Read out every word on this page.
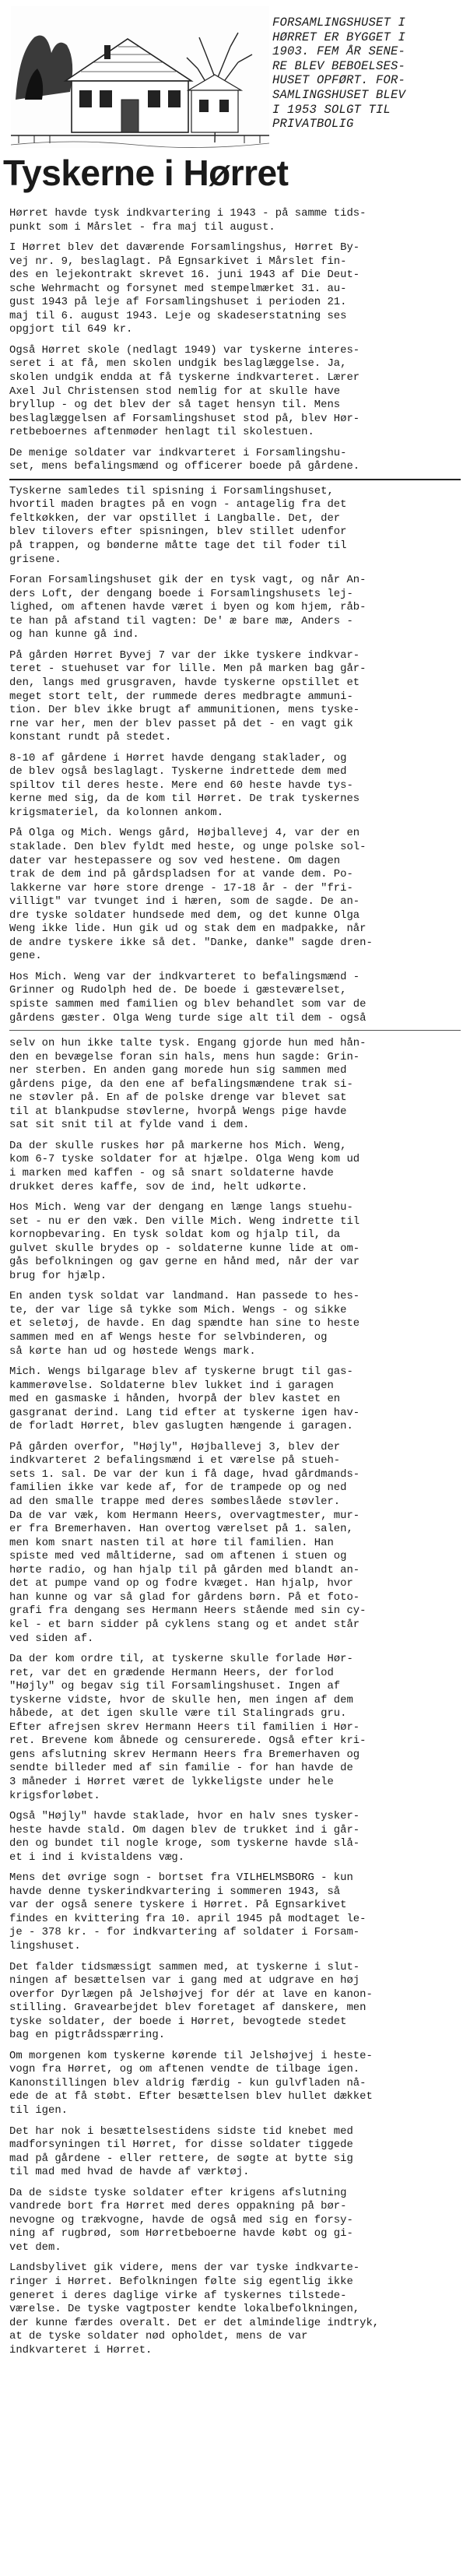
FORSAMLINGSHUSET I
HØRRET ER BYGGET I
1903. FEM ÅR SENE-
RE BLEV BEBOELSES-
HUSET OPFØRT. FOR-
SAMLINGSHUSET BLEV
I 1953 SOLGT TIL
PRIVATBOLIG
Tyskerne i Hørret

Hørret havde tysk indkvartering i 1943 - på samme tids-
punkt som i Mårslet - fra maj til august.

I Hørret blev det daværende Forsamlingshus, Hørret By-
vej nr. 9, beslaglagt. På Egnsarkivet i Mårslet fin-
des en lejekontrakt skrevet 16. juni 1943 af Die Deut-
sche Wehrmacht og forsynet med stempelmærket 31. au-
gust 1943 på leje af Forsamlingshuset i perioden 21.
maj til 6. august 1943. Leje og skadeserstatning ses
opgjort til 649 kr.

Også Hørret skole (nedlagt 1949) var tyskerne interes-
seret i at få, men skolen undgik beslaglæggelse. Ja,
skolen undgik endda at få tyskerne indkvarteret. Lærer
Axel Jul Christensen stod nemlig for at skulle have
bryllup - og det blev der så taget hensyn til. Mens
beslaglæggelsen af Forsamlingshuset stod på, blev Hør-
retbeboernes aftenmøder henlagt til skolestuen.

De menige soldater var indkvarteret i Forsamlingshu-
set, mens befalingsmænd og officerer boede på gårdene.

Tyskerne samledes til spisning i Forsamlingshuset,
hvortil maden bragtes på en vogn - antagelig fra det
feltkøkken, der var opstillet i Langballe. Det, der
blev tilovers efter spisningen, blev stillet udenfor
på trappen, og bønderne måtte tage det til foder til
grisene.

Foran Forsamlingshuset gik der en tysk vagt, og når An-
ders Loft, der dengang boede i Forsamlingshusets lej-
lighed, om aftenen havde været i byen og kom hjem, råb-
te han på afstand til vagten: De' æ bare mæ, Anders -
og han kunne gå ind.

På gården Hørret Byvej 7 var der ikke tyskere indkvar-
teret - stuehuset var for lille. Men på marken bag går-
den, langs med grusgraven, havde tyskerne opstillet et
meget stort telt, der rummede deres medbragte ammuni-
tion. Der blev ikke brugt af ammunitionen, mens tyske-
rne var her, men der blev passet på det - en vagt gik
konstant rundt på stedet.

8-10 af gårdene i Hørret havde dengang staklader, og
de blev også beslaglagt. Tyskerne indrettede dem med
spiltov til deres heste. Mere end 60 heste havde tys-
kerne med sig, da de kom til Hørret. De trak tyskernes
krigsmateriel, da kolonnen ankom.

På Olga og Mich. Wengs gård, Højballevej 4, var der en
staklade. Den blev fyldt med heste, og unge polske sol-
dater var hestepassere og sov ved hestene. Om dagen
trak de dem ind på gårdspladsen for at vande dem. Po-
lakkerne var høre store drenge - 17-18 år - der "fri-
villigt" var tvunget ind i hæren, som de sagde. De an-
dre tyske soldater hundsede med dem, og det kunne Olga
Weng ikke lide. Hun gik ud og stak dem en madpakke, når
de andre tyskere ikke så det. "Danke, danke" sagde dren-
gene.

Hos Mich. Weng var der indkvarteret to befalingsmænd -
Grinner og Rudolph hed de. De boede i gæsteværelset,
spiste sammen med familien og blev behandlet som var de
gårdens gæster. Olga Weng turde sige alt til dem - også

selv on hun ikke talte tysk. Engang gjorde hun med hån-
den en bevægelse foran sin hals, mens hun sagde: Grin-
ner sterben. En anden gang morede hun sig sammen med
gårdens pige, da den ene af befalingsmændene trak si-
ne støvler på. En af de polske drenge var blevet sat
til at blankpudse støvlerne, hvorpå Wengs pige havde
sat sit snit til at fylde vand i dem.

Da der skulle ruskes hør på markerne hos Mich. Weng,
kom 6-7 tyske soldater for at hjælpe. Olga Weng kom ud
i marken med kaffen - og så snart soldaterne havde
drukket deres kaffe, sov de ind, helt udkørte.

Hos Mich. Weng var der dengang en længe langs stuehu-
set - nu er den væk. Den ville Mich. Weng indrette til
kornopbevaring. En tysk soldat kom og hjalp til, da
gulvet skulle brydes op - soldaterne kunne lide at om-
gås befolkningen og gav gerne en hånd med, når der var
brug for hjælp.

En anden tysk soldat var landmand. Han passede to hes-
te, der var lige så tykke som Mich. Wengs - og sikke
et seletøj, de havde. En dag spændte han sine to heste
sammen med en af Wengs heste for selvbinderen, og
så kørte han ud og høstede Wengs mark.

Mich. Wengs bilgarage blev af tyskerne brugt til gas-
kammerøvelse. Soldaterne blev lukket ind i garagen
med en gasmaske i hånden, hvorpå der blev kastet en
gasgranat derind. Lang tid efter at tyskerne igen hav-
de forladt Hørret, blev gaslugten hængende i garagen.

På gården overfor, "Højly", Højballevej 3, blev der
indkvarteret 2 befalingsmænd i et værelse på stueh-
sets 1. sal. De var der kun i få dage, hvad gårdmands-
familien ikke var kede af, for de trampede op og ned
ad den smalle trappe med deres sømbeslåede støvler.
Da de var væk, kom Hermann Heers, overvagtmester, mur-
er fra Bremerhaven. Han overtog værelset på 1. salen,
men kom snart nasten til at høre til familien. Han
spiste med ved måltiderne, sad om aftenen i stuen og
hørte radio, og han hjalp til på gården med blandt an-
det at pumpe vand op og fodre kvæget. Han hjalp, hvor
han kunne og var så glad for gårdens børn. På et foto-
grafi fra dengang ses Hermann Heers stående med sin cy-
kel - et barn sidder på cyklens stang og et andet står
ved siden af.

Da der kom ordre til, at tyskerne skulle forlade Hør-
ret, var det en grædende Hermann Heers, der forlod
"Højly" og begav sig til Forsamlingshuset. Ingen af
tyskerne vidste, hvor de skulle hen, men ingen af dem
håbede, at det igen skulle være til Stalingrads gru.
Efter afrejsen skrev Hermann Heers til familien i Hør-
ret. Brevene kom åbnede og censurerede. Også efter kri-
gens afslutning skrev Hermann Heers fra Bremerhaven og
sendte billeder med af sin familie - for han havde de
3 måneder i Hørret været de lykkeligste under hele
krigsforløbet.

Også "Højly" havde staklade, hvor en halv snes tysker-
heste havde stald. Om dagen blev de trukket ind i går-
den og bundet til nogle kroge, som tyskerne havde slå-
et i ind i kvistaldens væg.

Mens det øvrige sogn - bortset fra VILHELMSBORG - kun
havde denne tyskerindkvartering i sommeren 1943, så
var der også senere tyskere i Hørret. På Egnsarkivet
findes en kvittering fra 10. april 1945 på modtaget le-
je - 378 kr. - for indkvartering af soldater i Forsam-
lingshuset.

Det falder tidsmæssigt sammen med, at tyskerne i slut-
ningen af besættelsen var i gang med at udgrave en høj
overfor Dyrlægen på Jelshøjvej for dér at lave en kanon-
stilling. Gravearbejdet blev foretaget af danskere, men
tyske soldater, der boede i Hørret, bevogtede stedet
bag en pigtrådsspærring.

Om morgenen kom tyskerne kørende til Jelshøjvej i heste-
vogn fra Hørret, og om aftenen vendte de tilbage igen.
Kanonstillingen blev aldrig færdig - kun gulvfladen nå-
ede de at få støbt. Efter besættelsen blev hullet dækket
til igen.

Det har nok i besættelsestidens sidste tid knebet med
madforsyningen til Hørret, for disse soldater tiggede
mad på gårdene - eller rettere, de søgte at bytte sig
til mad med hvad de havde af værktøj.

Da de sidste tyske soldater efter krigens afslutning
vandrede bort fra Hørret med deres oppakning på bør-
nevogne og trækvogne, havde de også med sig en forsy-
ning af rugbrød, som Hørretbeboerne havde købt og gi-
vet dem.

Landsbylivet gik videre, mens der var tyske indkvarte-
ringer i Hørret. Befolkningen følte sig egentlig ikke
generet i deres daglige virke af tyskernes tilstede-
værelse. De tyske vagtposter kendte lokalbefolkningen,
der kunne færdes overalt. Det er det almindelige indtryk,
at de tyske soldater nød opholdet, mens de var
indkvarteret i Hørret.
